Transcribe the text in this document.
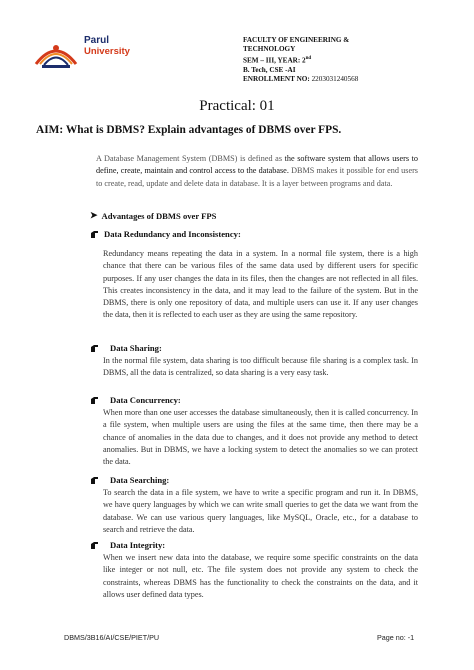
Parul
University
FACULTY OF ENGINEERING &
TECHNOLOGY
SEM – III, YEAR: 2nd
B. Tech, CSE -AI
ENROLLMENT NO: 2203031240568
Practical: 01
AIM: What is DBMS? Explain advantages of DBMS over FPS.
A Database Management System (DBMS) is defined as the software system that allows users to define, create, maintain and control access to the database. DBMS makes it possible for end users to create, read, update and delete data in database. It is a layer between programs and data.
➤ Advantages of DBMS over FPS
Data Redundancy and Inconsistency:
Redundancy means repeating the data in a system. In a normal file system, there is a high chance that there can be various files of the same data used by different users for specific purposes. If any user changes the data in its files, then the changes are not reflected in all files. This creates inconsistency in the data, and it may lead to the failure of the system. But in the DBMS, there is only one repository of data, and multiple users can use it. If any user changes the data, then it is reflected to each user as they are using the same repository.
Data Sharing:
In the normal file system, data sharing is too difficult because file sharing is a complex task. In DBMS, all the data is centralized, so data sharing is a very easy task.
Data Concurrency:
When more than one user accesses the database simultaneously, then it is called concurrency. In a file system, when multiple users are using the files at the same time, then there may be a chance of anomalies in the data due to changes, and it does not provide any method to detect anomalies. But in DBMS, we have a locking system to detect the anomalies so we can protect the data.
Data Searching:
To search the data in a file system, we have to write a specific program and run it. In DBMS, we have query languages by which we can write small queries to get the data we want from the database. We can use various query languages, like MySQL, Oracle, etc., for a database to search and retrieve the data.
Data Integrity:
When we insert new data into the database, we require some specific constraints on the data like integer or not null, etc. The file system does not provide any system to check the constraints, whereas DBMS has the functionality to check the constraints on the data, and it allows user defined data types.
DBMS/3B16/AI/CSE/PIET/PU	Page no: -1
